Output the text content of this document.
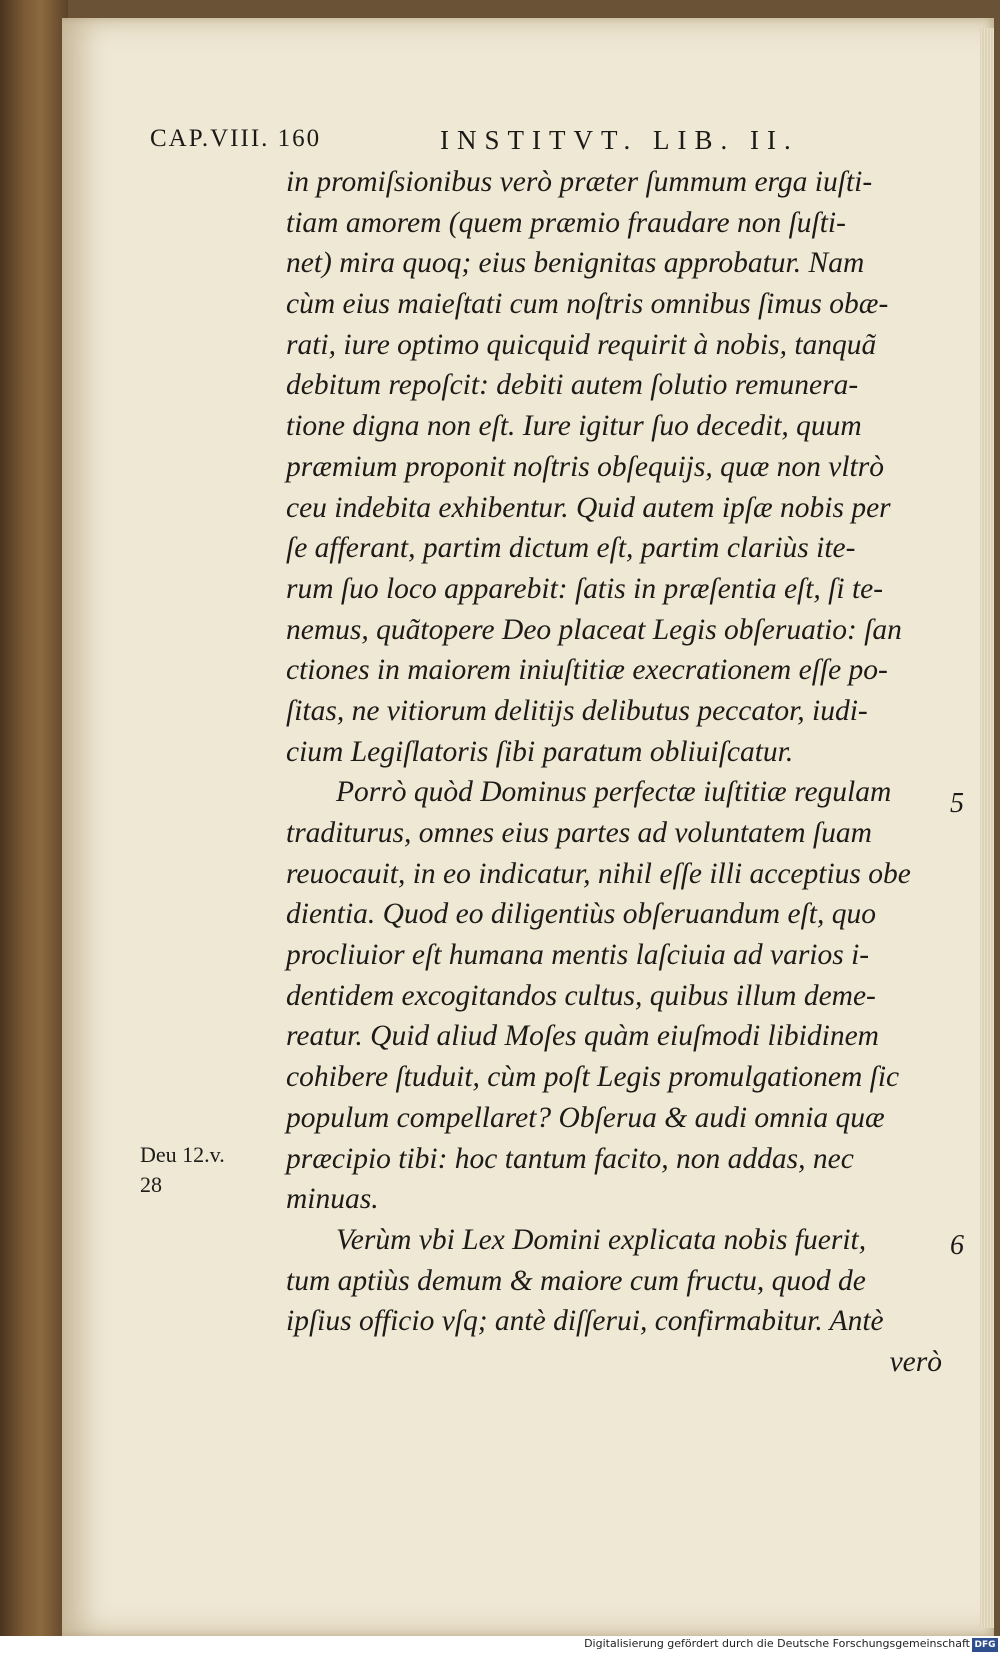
CAP.VIII. 160	INSTITVT. LIB. II.
in promiſsionibus verò præter ſummum erga iuſti-
tiam amorem (quem præmio fraudare non ſuſti-
net) mira quoq; eius benignitas approbatur. Nam
cùm eius maieſtati cum noſtris omnibus ſimus obæ-
rati, iure optimo quicquid requirit à nobis, tanquã
debitum repoſcit: debiti autem ſolutio remunera-
tione digna non eſt. Iure igitur ſuo decedit, quum
præmium proponit noſtris obſequijs, quæ non vltrò
ceu indebita exhibentur. Quid autem ipſæ nobis per
ſe afferant, partim dictum eſt, partim clariùs ite-
rum ſuo loco apparebit: ſatis in præſentia eſt, ſi te-
nemus, quãtopere Deo placeat Legis obſeruatio: ſan
ctiones in maiorem iniuſtitiæ execrationem eſſe po-
ſitas, ne vitiorum delitijs delibutus peccator, iudi-
cium Legiſlatoris ſibi paratum obliuiſcatur.
Porrò quòd Dominus perfectæ iuſtitiæ regulam
traditurus, omnes eius partes ad voluntatem ſuam
reuocauit, in eo indicatur, nihil eſſe illi acceptius obe
dientia. Quod eo diligentiùs obſeruandum eſt, quo
procliuior eſt humana mentis laſciuia ad varios i-
dentidem excogitandos cultus, quibus illum deme-
reatur. Quid aliud Moſes quàm eiuſmodi libidinem
cohibere ſtuduit, cùm poſt Legis promulgationem ſic
populum compellaret? Obſerua & audi omnia quæ
præcipio tibi: hoc tantum facito, non addas, nec
minuas.
Verùm vbi Lex Domini explicata nobis fuerit,
tum aptiùs demum & maiore cum fructu, quod de
ipſius officio vſq; antè diſſerui, confirmabitur. Antè
verò
Deu 12.v.
28
5
6
Digitalisierung gefördert durch die Deutsche Forschungsgemeinschaft DFG
